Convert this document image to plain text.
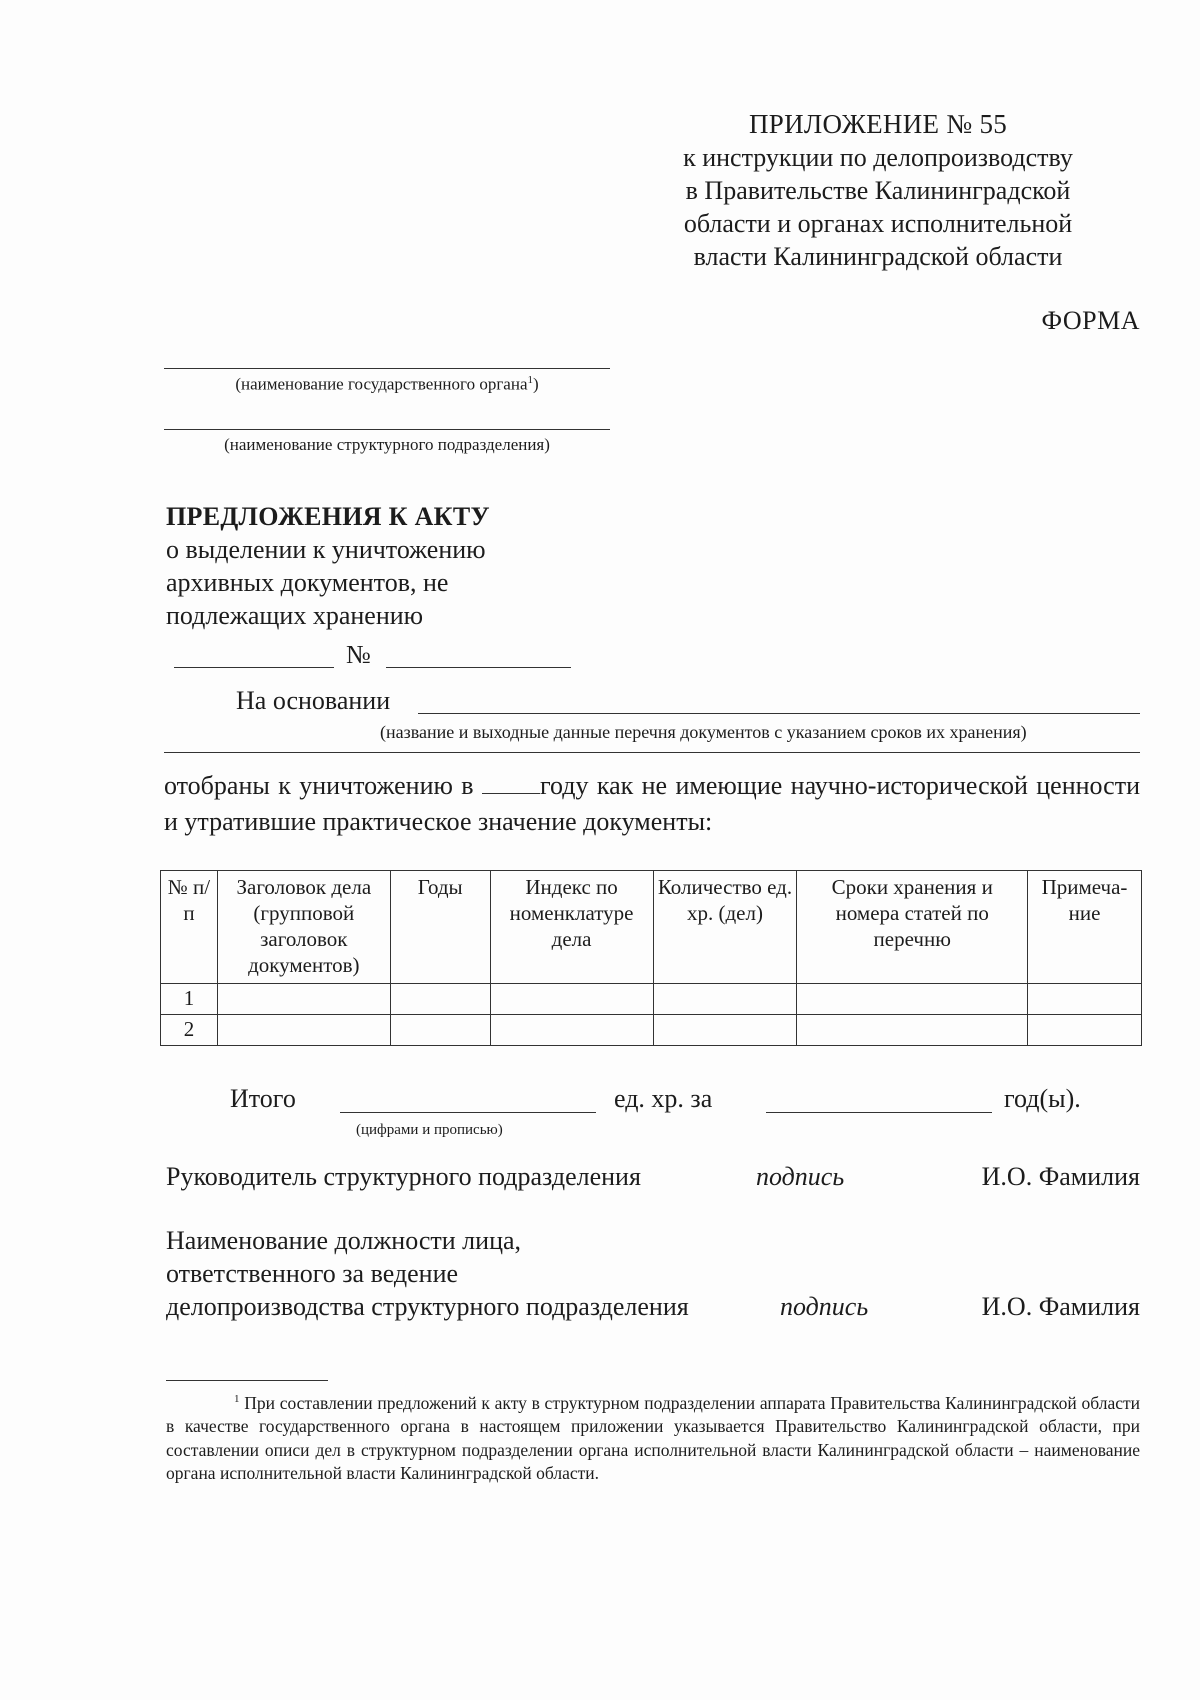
ПРИЛОЖЕНИЕ № 55
к инструкции по делопроизводству
в Правительстве Калининградской
области и органах исполнительной
власти Калининградской области
ФОРМА
(наименование государственного органа$^1$)
(наименование структурного подразделения)
ПРЕДЛОЖЕНИЯ К АКТУ
о выделении к уничтожению
архивных документов, не
подлежащих хранению
№
На основании
(название и выходные данные перечня документов с указанием сроков их хранения)
отобраны к уничтожению в	году как не имеющие научно-исторической ценности и утратившие практическое значение документы:
№ п/п	Заголовок дела (групповой заголовок документов)	Годы	Индекс по номенклатуре дела	Количество ед. хр. (дел)	Сроки хранения и номера статей по перечню	Примеча-ние
1						
2						
Итого	ед. хр. за	год(ы).
(цифрами и прописью)
Руководитель структурного подразделения	подпись	И.О. Фамилия
Наименование должности лица,
ответственного за ведение
делопроизводства структурного подразделения	подпись	И.О. Фамилия
$^1$ При составлении предложений к акту в структурном подразделении аппарата Правительства Калининградской области в качестве государственного органа в настоящем приложении указывается Правительство Калининградской области, при составлении описи дел в структурном подразделении органа исполнительной власти Калининградской области – наименование органа исполнительной власти Калининградской области.
